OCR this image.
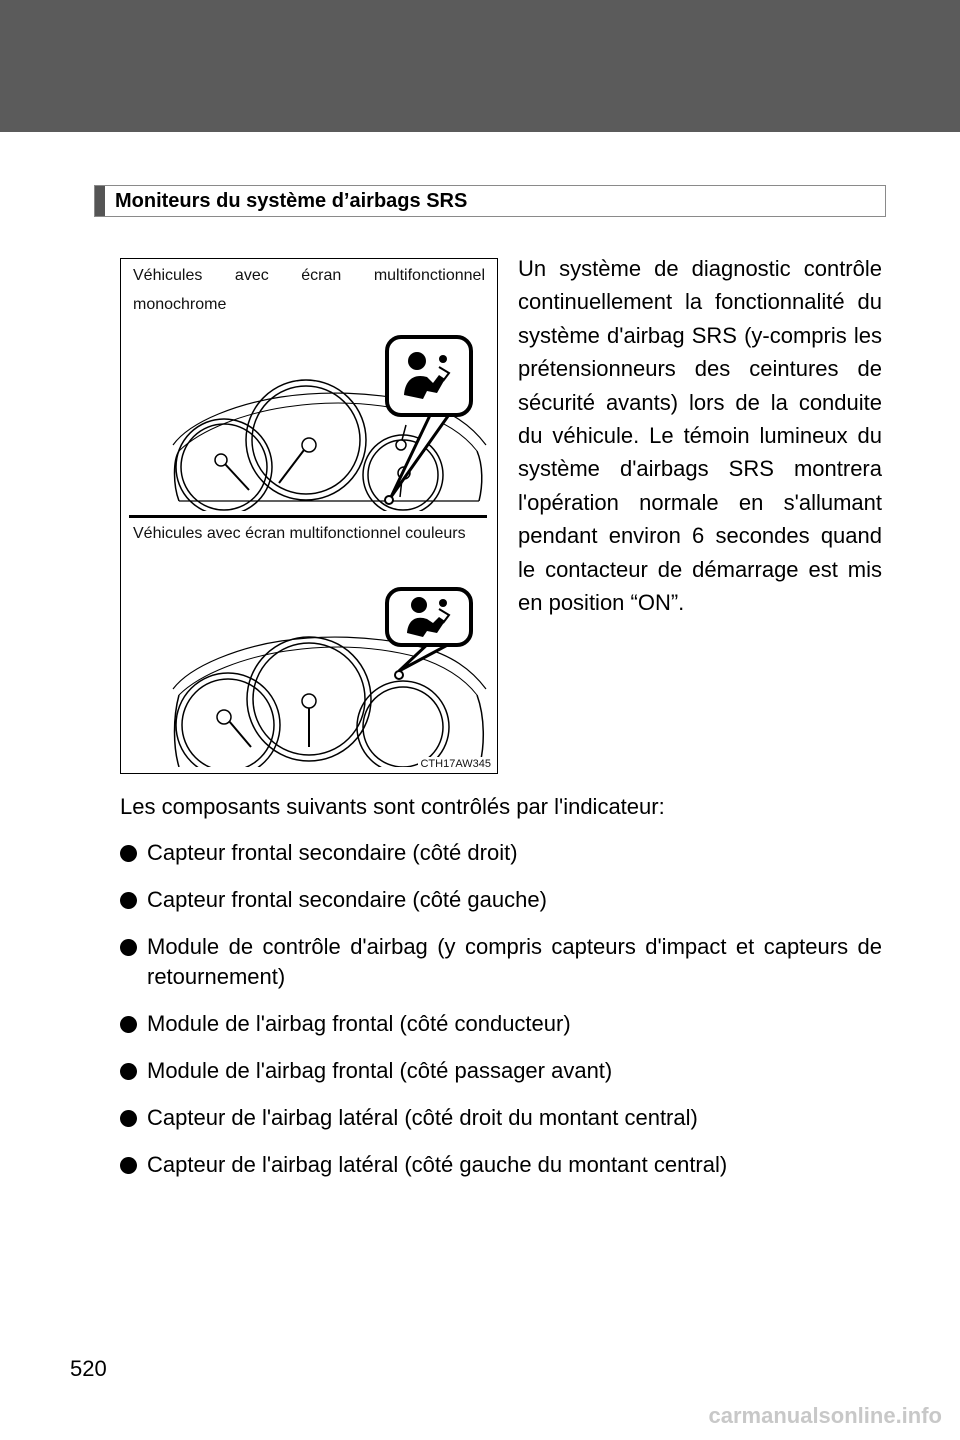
Moniteurs du système d’airbags SRS
Véhicules avec écran multifonctionnel monochrome
Véhicules avec écran multifonctionnel couleurs
CTH17AW345
Un système de diagnostic contrôle continuellement la fonctionnalité du système d'airbag SRS (y-compris les prétensionneurs des ceintures de sécurité avants) lors de la conduite du véhicule. Le témoin lumineux du système d'airbags SRS montrera l'opération normale en s'allumant pendant environ 6 secondes quand le contacteur de démarrage est mis en position “ON”.
Les composants suivants sont contrôlés par l'indicateur:
Capteur frontal secondaire (côté droit)
Capteur frontal secondaire (côté gauche)
Module de contrôle d'airbag (y compris capteurs d'impact et capteurs de retournement)
Module de l'airbag frontal (côté conducteur)
Module de l'airbag frontal (côté passager avant)
Capteur de l'airbag latéral (côté droit du montant central)
Capteur de l'airbag latéral (côté gauche du montant central)
520
carmanualsonline.info
